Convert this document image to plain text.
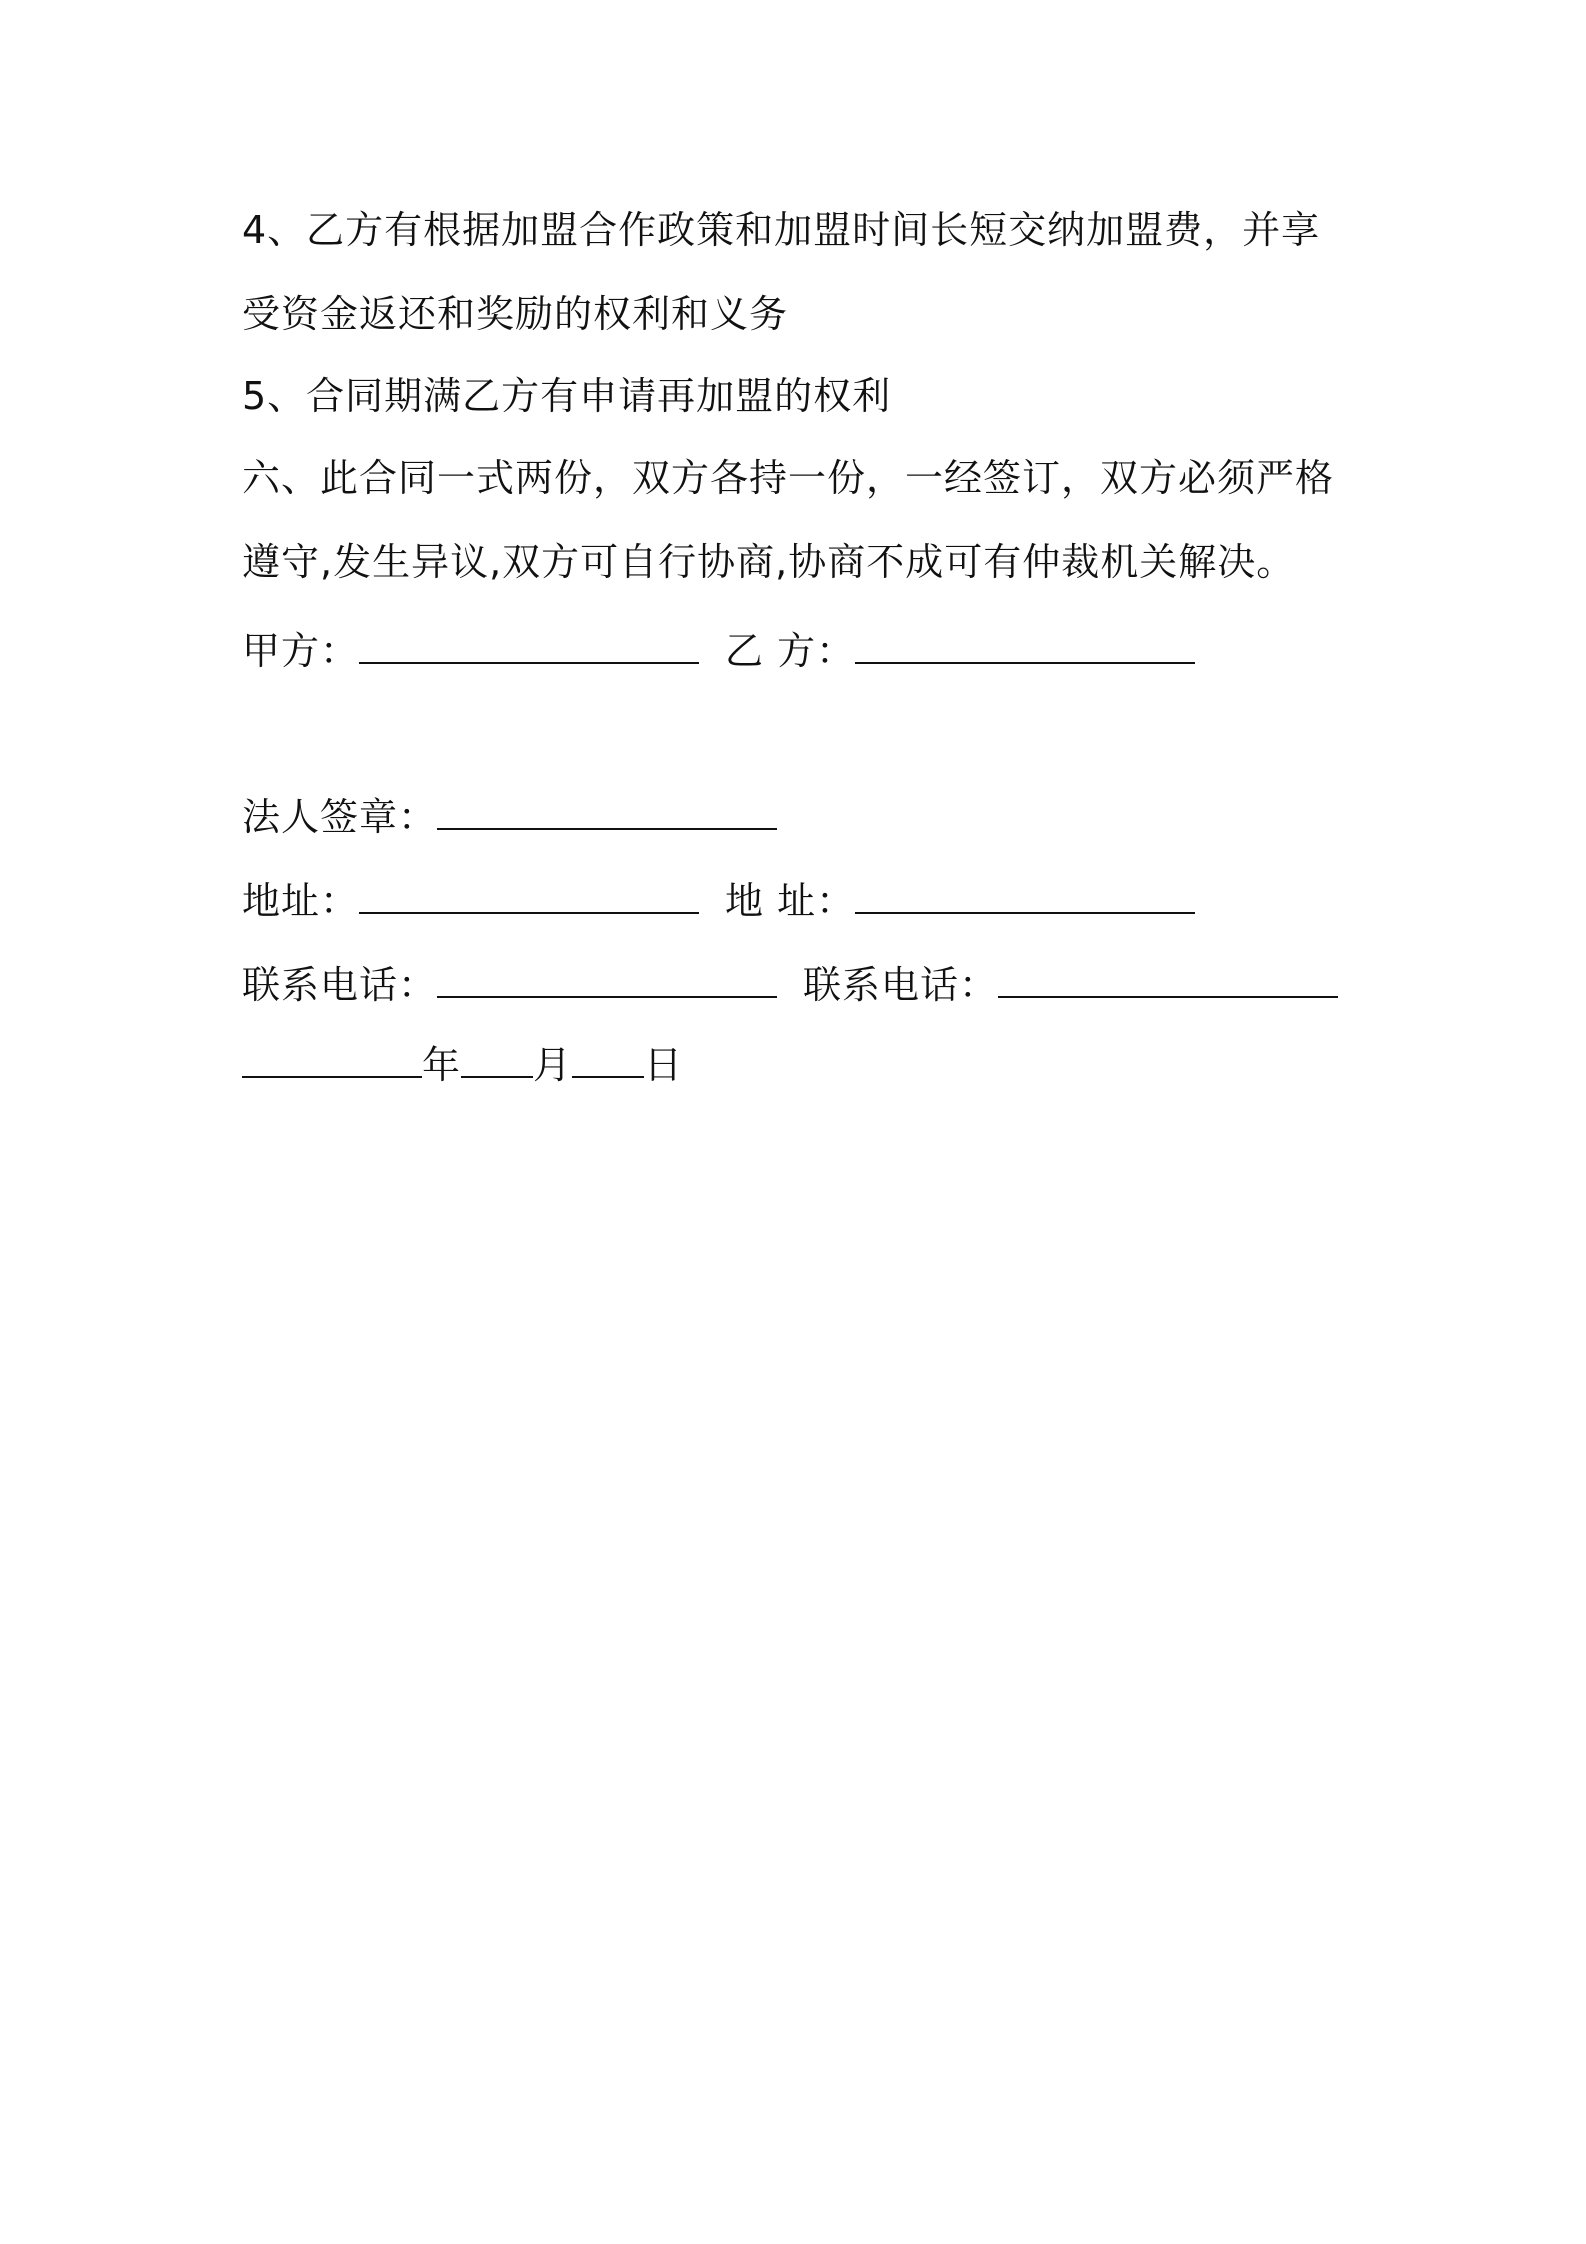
4、乙方有根据加盟合作政策和加盟时间长短交纳加盟费，并享
受资金返还和奖励的权利和义务
5、合同期满乙方有申请再加盟的权利
六、此合同一式两份，双方各持一份，一经签订，双方必须严格
遵守,发生异议,双方可自行协商,协商不成可有仲裁机关解决。
甲方：	乙 方：
法人签章：
地址：	地 址：
联系电话：	联系电话：
年 月 日
